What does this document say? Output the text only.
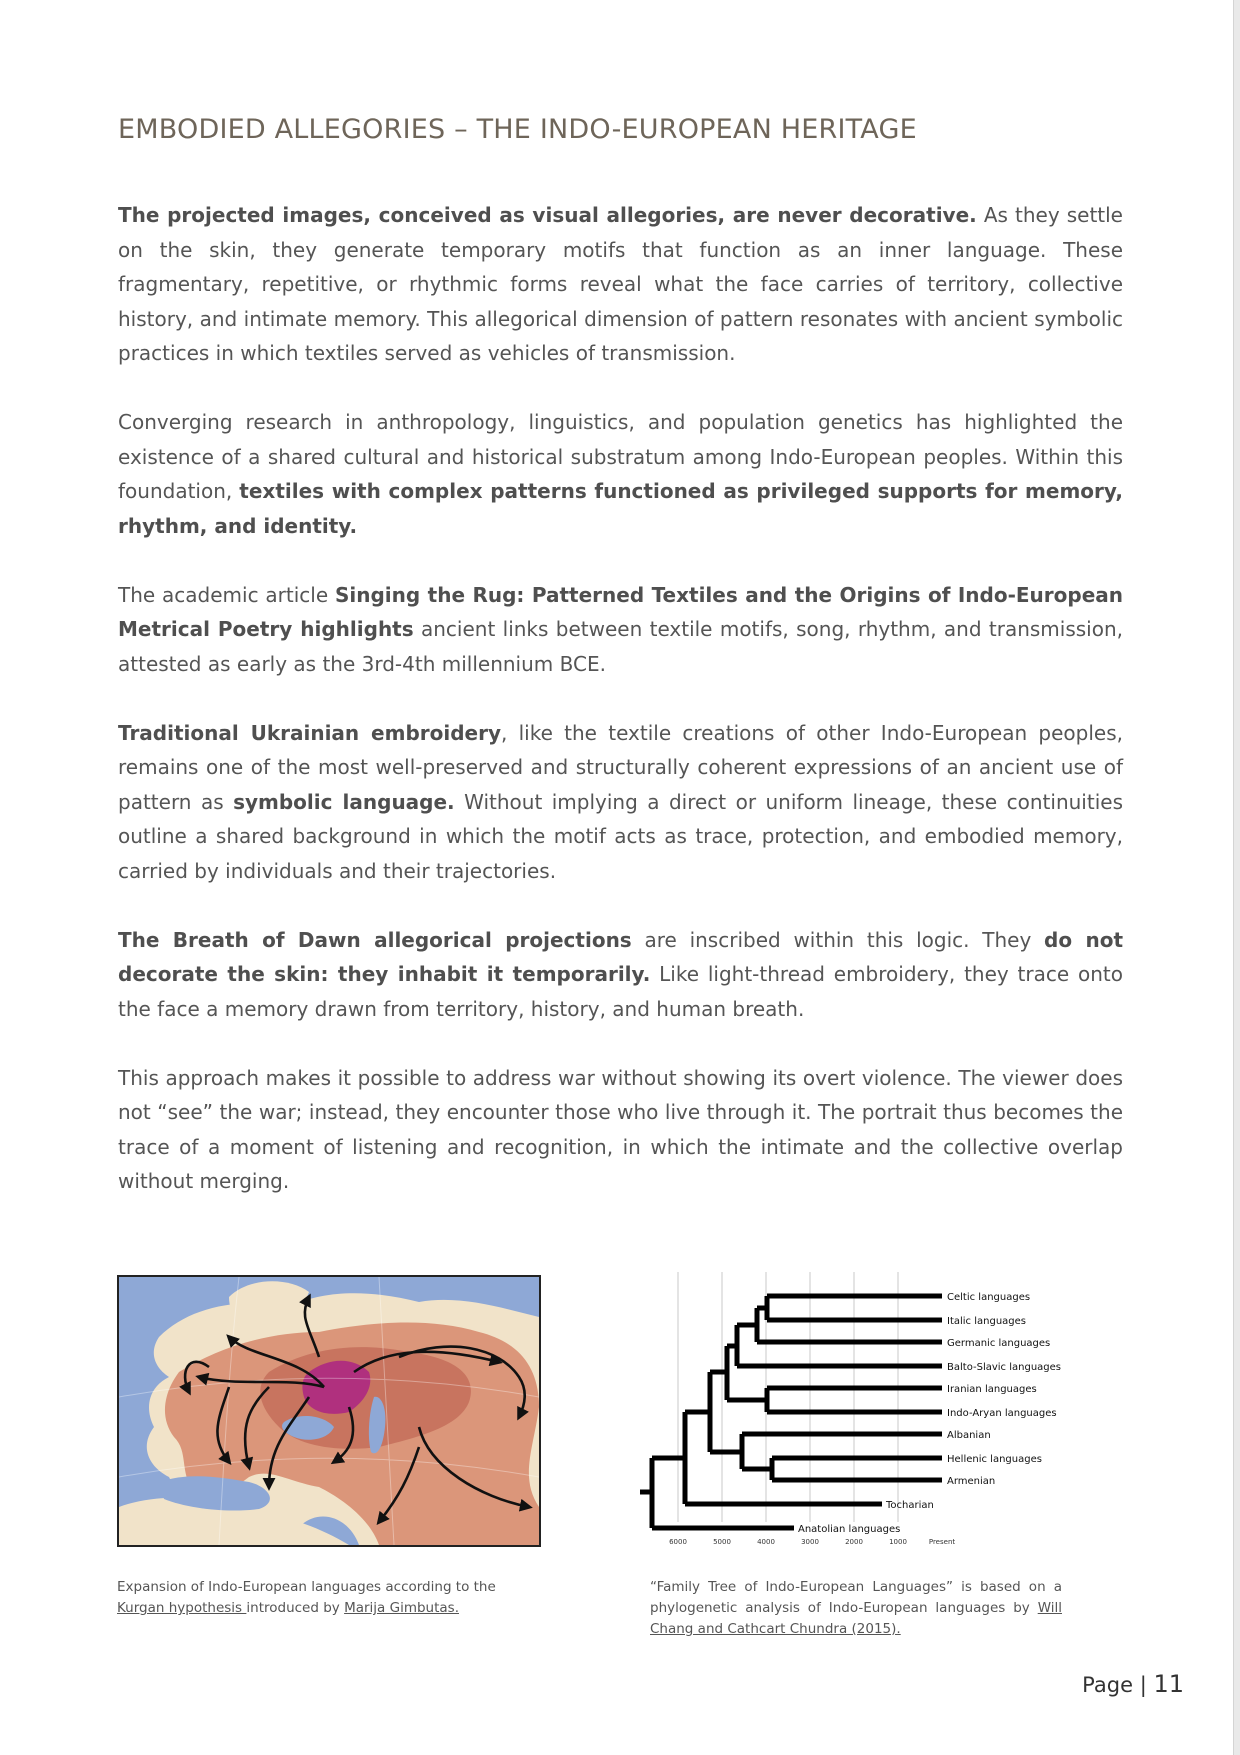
EMBODIED ALLEGORIES – THE INDO-EUROPEAN HERITAGE

The projected images, conceived as visual allegories, are never decorative. As they settle on the skin, they generate temporary motifs that function as an inner language. These fragmentary, repetitive, or rhythmic forms reveal what the face carries of territory, collective history, and intimate memory. This allegorical dimension of pattern resonates with ancient symbolic practices in which textiles served as vehicles of transmission.

Converging research in anthropology, linguistics, and population genetics has highlighted the existence of a shared cultural and historical substratum among Indo-European peoples. Within this foundation, textiles with complex patterns functioned as privileged supports for memory, rhythm, and identity.

The academic article Singing the Rug: Patterned Textiles and the Origins of Indo-European Metrical Poetry highlights ancient links between textile motifs, song, rhythm, and transmission, attested as early as the 3rd-4th millennium BCE.

Traditional Ukrainian embroidery, like the textile creations of other Indo-European peoples, remains one of the most well-preserved and structurally coherent expressions of an ancient use of pattern as symbolic language. Without implying a direct or uniform lineage, these continuities outline a shared background in which the motif acts as trace, protection, and embodied memory, carried by individuals and their trajectories.

The Breath of Dawn allegorical projections are inscribed within this logic. They do not decorate the skin: they inhabit it temporarily. Like light-thread embroidery, they trace onto the face a memory drawn from territory, history, and human breath.

This approach makes it possible to address war without showing its overt violence. The viewer does not “see” the war; instead, they encounter those who live through it. The portrait thus becomes the trace of a moment of listening and recognition, in which the intimate and the collective overlap without merging.

Celtic languages
Italic languages
Germanic languages
Balto-Slavic languages
Iranian languages
Indo-Aryan languages
Albanian
Hellenic languages
Armenian
Tocharian
Anatolian languages
6000	5000	4000	3000	2000	1000	Present
Expansion of Indo-European languages according to the Kurgan hypothesis introduced by Marija Gimbutas.
“Family Tree of Indo-European Languages” is based on a phylogenetic analysis of Indo-European languages by Will Chang and Cathcart Chundra (2015).
Page | 11
